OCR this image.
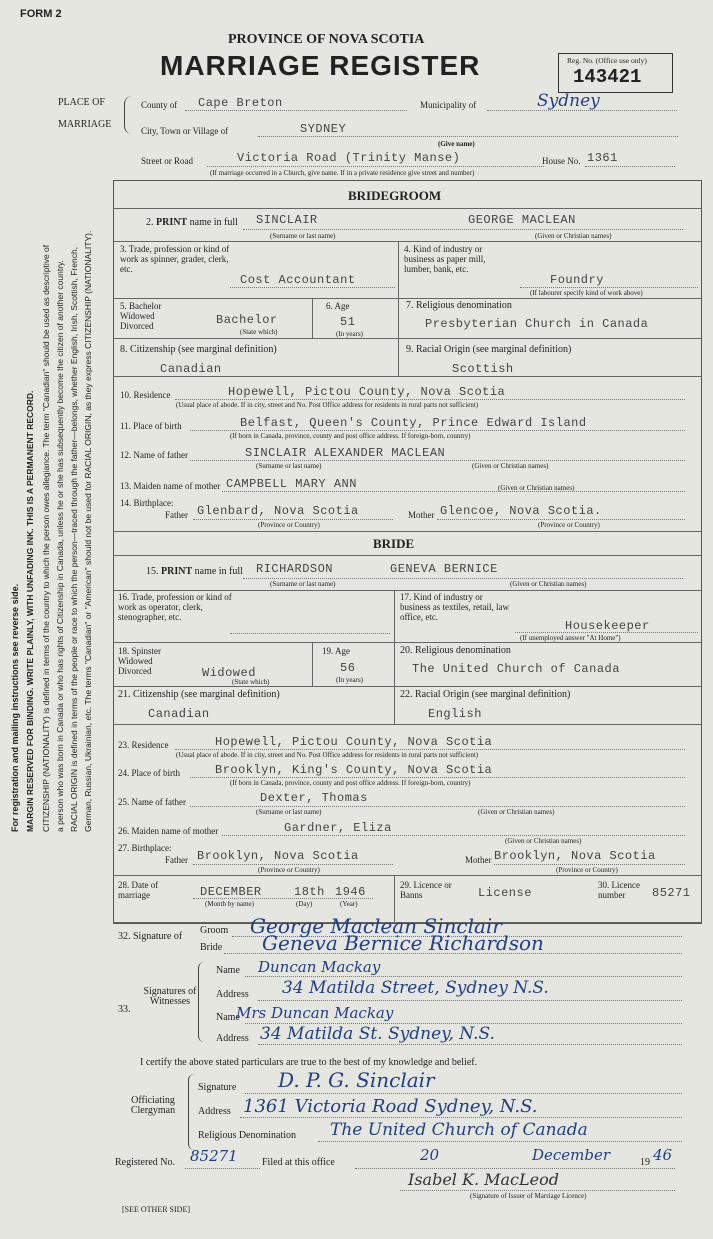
For registration and mailing instructions see reverse side. MARGIN RESERVED FOR BINDING. WRITE PLAINLY, WITH UNFADING INK. THIS IS A PERMANENT RECORD. CITIZENSHIP (NATIONALITY) is defined in terms of the country to which the person owes allegiance. The term "Canadian" should be used as descriptive of a person who was born in Canada or who has rights of Citizenship in Canada, unless he or she has subsequently become the citizen of another country. RACIAL ORIGIN is defined in terms of the people or race to which the person—traced through the father—belongs, whether English, Irish, Scottish, French, German, Russian, Ukrainian, etc. The terms "Canadian" or "American" should not be used for RACIAL ORIGIN, as they express CITIZENSHIP (NATIONALITY).
FORM 2
PROVINCE OF NOVA SCOTIA
MARRIAGE REGISTER	Reg. No. (Office use only)
143421
PLACE OF
MARRIAGE
County of Cape Breton	Municipality of	Sydney
City, Town or Village of	SYDNEY
(Give name)
Street or Road	Victoria Road (Trinity Manse)	House No. 1361
(If marriage occurred in a Church, give name. If in a private residence give street and number)
BRIDEGROOM
2. PRINT name in full SINCLAIR	GEORGE MACLEAN
(Surname or last name)	(Given or Christian names)
3. Trade, profession or kind of work as spinner, grader, clerk, etc.
Cost Accountant
4. Kind of industry or business as paper mill, lumber, bank, etc.
Foundry
(If labourer specify kind of work above)
5. Bachelor Widowed Divorced	Bachelor
(State which)
6. Age
51
(In years)
7. Religious denomination
Presbyterian Church in Canada
8. Citizenship (see marginal definition)
Canadian
9. Racial Origin (see marginal definition)
Scottish
10. Residence	Hopewell, Pictou County, Nova Scotia
(Usual place of abode. If in city, street and No. Post Office address for residents in rural parts not sufficient)
11. Place of birth	Belfast, Queen's County, Prince Edward Island
(If born in Canada, province, county and post office address. If foreign-born, country)
12. Name of father	SINCLAIR ALEXANDER MACLEAN
(Surname or last name)	(Given or Christian names)
13. Maiden name of mother CAMPBELL MARY ANN	(Given or Christian names)
14. Birthplace:
Father Glenbard, Nova Scotia
(Province or Country)
Mother Glencoe, Nova Scotia.
(Province or Country)
BRIDE
15. PRINT name in full RICHARDSON	GENEVA BERNICE
(Surname or last name)	(Given or Christian names)
16. Trade, profession or kind of work as operator, clerk, stenographer, etc.
17. Kind of industry or business as textiles, retail, law office, etc.
Housekeeper
(If unemployed answer "At Home")
18. Spinster Widowed Divorced	Widowed
(State which)
19. Age
56
(In years)
20. Religious denomination
The United Church of Canada
21. Citizenship (see marginal definition)
Canadian
22. Racial Origin (see marginal definition)
English
23. Residence	Hopewell, Pictou County, Nova Scotia
(Usual place of abode. If in city, street and No. Post Office address for residents in rural parts not sufficient)
24. Place of birth	Brooklyn, King's County, Nova Scotia
(If born in Canada, province, county and post office address. If foreign-born, country)
25. Name of father	Dexter, Thomas
(Surname or last name)	(Given or Christian names)
26. Maiden name of mother	Gardner, Eliza
(Given or Christian names)
27. Birthplace:
Father Brooklyn, Nova Scotia
(Province or Country)
Mother Brooklyn, Nova Scotia
(Province or Country)
28. Date of marriage	DECEMBER	18th 1946
(Month by name)	(Day)	(Year)
29. Licence or Banns	License
30. Licence number	85271
32. Signature of
Groom George Maclean Sinclair
Bride Geneva Bernice Richardson
Signatures of Witnesses
33.
Name Duncan Mackay
Address 34 Matilda Street, Sydney N.S.
Name
Mrs Duncan Mackay
Address 34 Matilda St. Sydney, N.S.
I certify the above stated particulars are true to the best of my knowledge and belief.
Officiating Clergyman
Signature D. P. G. Sinclair
Address 1361 Victoria Road Sydney, N.S.
Religious Denomination The United Church of Canada
Registered No. 85271 Filed at this office	20	December	19 46
Isabel K. MacLeod
(Signature of Issuer of Marriage Licence)
[SEE OTHER SIDE]
